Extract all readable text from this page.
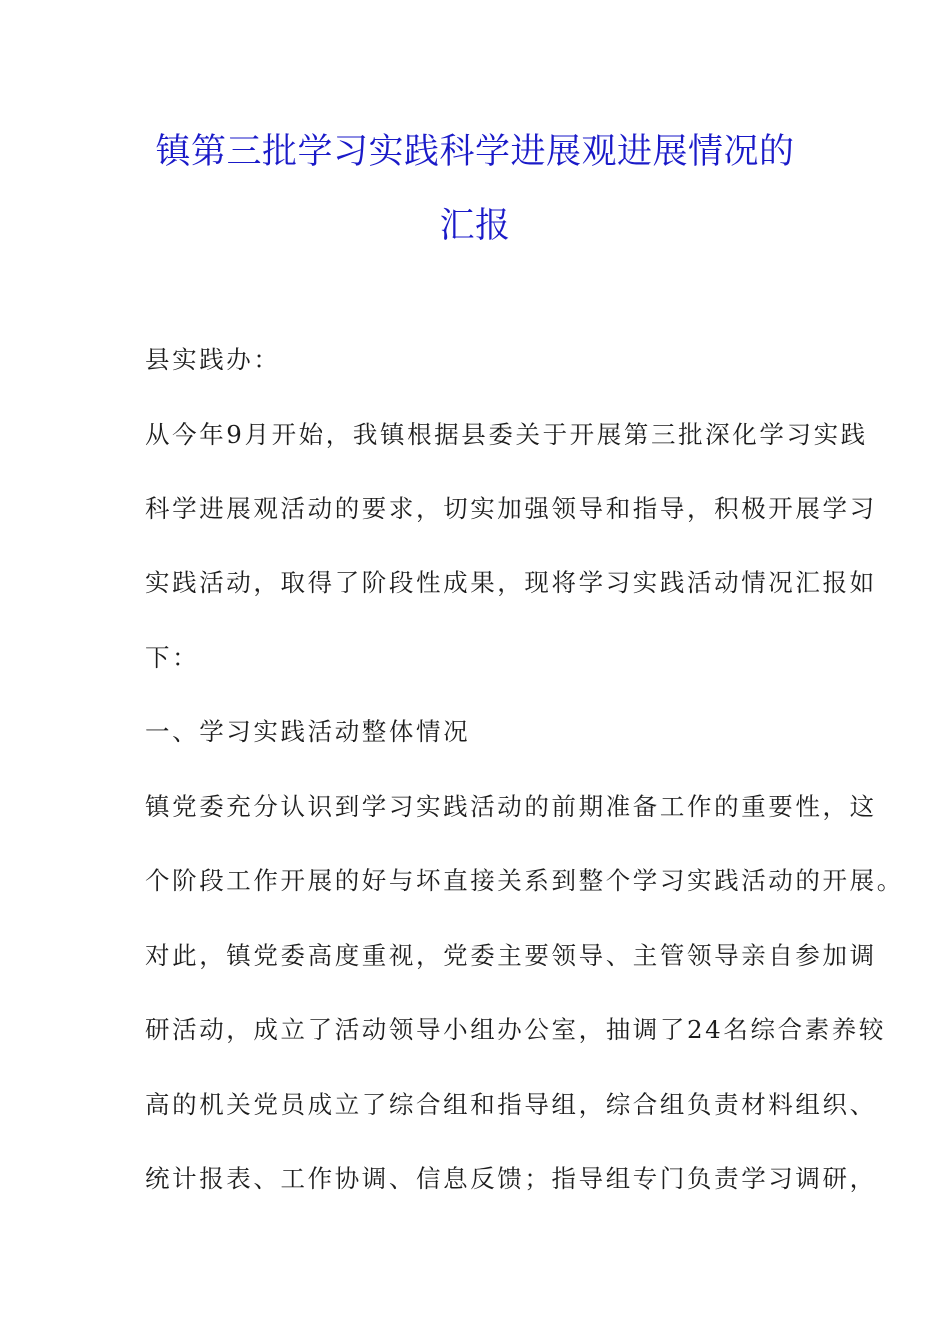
镇第三批学习实践科学进展观进展情况的
汇报
县实践办：
从今年9月开始，我镇根据县委关于开展第三批深化学习实践
科学进展观活动的要求，切实加强领导和指导，积极开展学习
实践活动，取得了阶段性成果，现将学习实践活动情况汇报如
下：
一、学习实践活动整体情况
镇党委充分认识到学习实践活动的前期准备工作的重要性，这
个阶段工作开展的好与坏直接关系到整个学习实践活动的开展。
对此，镇党委高度重视，党委主要领导、主管领导亲自参加调
研活动，成立了活动领导小组办公室，抽调了24名综合素养较
高的机关党员成立了综合组和指导组，综合组负责材料组织、
统计报表、工作协调、信息反馈；指导组专门负责学习调研，
